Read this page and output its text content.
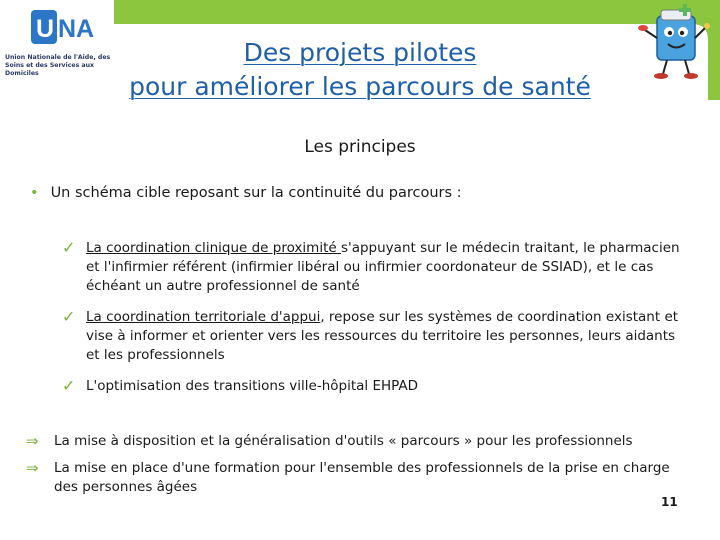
U NA
Union Nationale de l'Aide, des Soins et des Services aux Domiciles
Des projets pilotes
pour améliorer les parcours de santé
Les principes
• Un schéma cible reposant sur la continuité du parcours :
✓ La coordination clinique de proximité s'appuyant sur le médecin traitant, le pharmacien et l'infirmier référent (infirmier libéral ou infirmier coordonateur de SSIAD), et le cas échéant un autre professionnel de santé
✓ La coordination territoriale d'appui, repose sur les systèmes de coordination existant et vise à informer et orienter vers les ressources du territoire les personnes, leurs aidants et les professionnels
✓ L'optimisation des transitions ville-hôpital EHPAD
⇒ La mise à disposition et la généralisation d'outils « parcours » pour les professionnels
⇒ La mise en place d'une formation pour l'ensemble des professionnels de la prise en charge des personnes âgées
11
